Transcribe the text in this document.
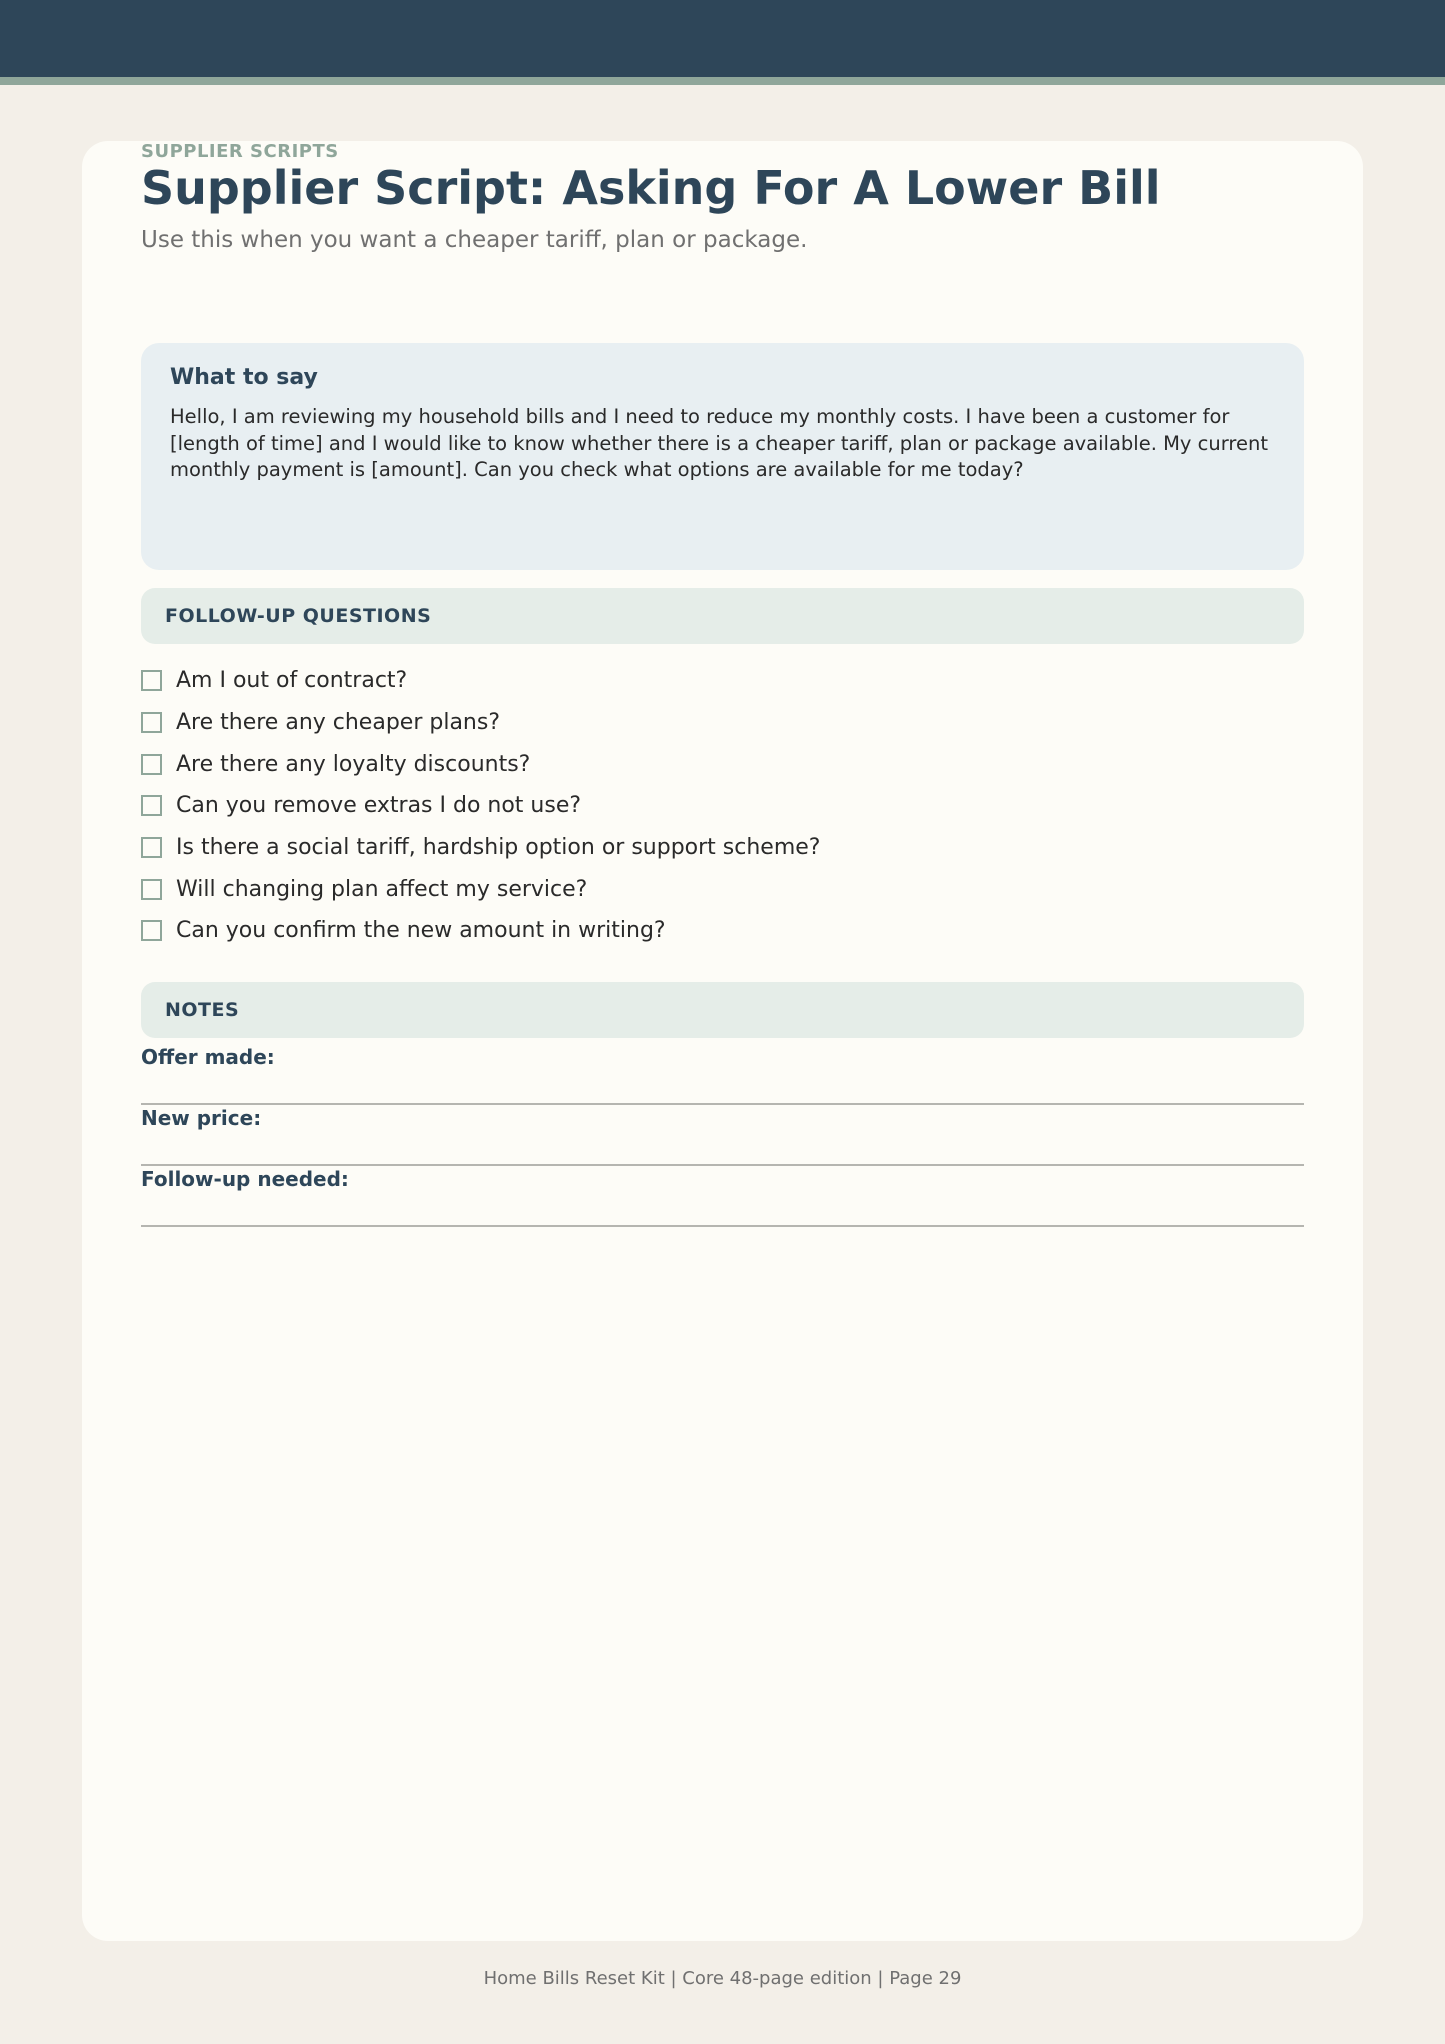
SUPPLIER SCRIPTS

Supplier Script: Asking For A Lower Bill

Use this when you want a cheaper tariff, plan or package.

What to say

Hello, I am reviewing my household bills and I need to reduce my monthly costs. I have been a customer for [length of time] and I would like to know whether there is a cheaper tariff, plan or package available. My current monthly payment is [amount]. Can you check what options are available for me today?

FOLLOW-UP QUESTIONS
Am I out of contract?
Are there any cheaper plans?
Are there any loyalty discounts?
Can you remove extras I do not use?
Is there a social tariff, hardship option or support scheme?
Will changing plan affect my service?
Can you confirm the new amount in writing?
NOTES
Offer made:
New price:
Follow-up needed:

Home Bills Reset Kit | Core 48-page edition | Page 29
